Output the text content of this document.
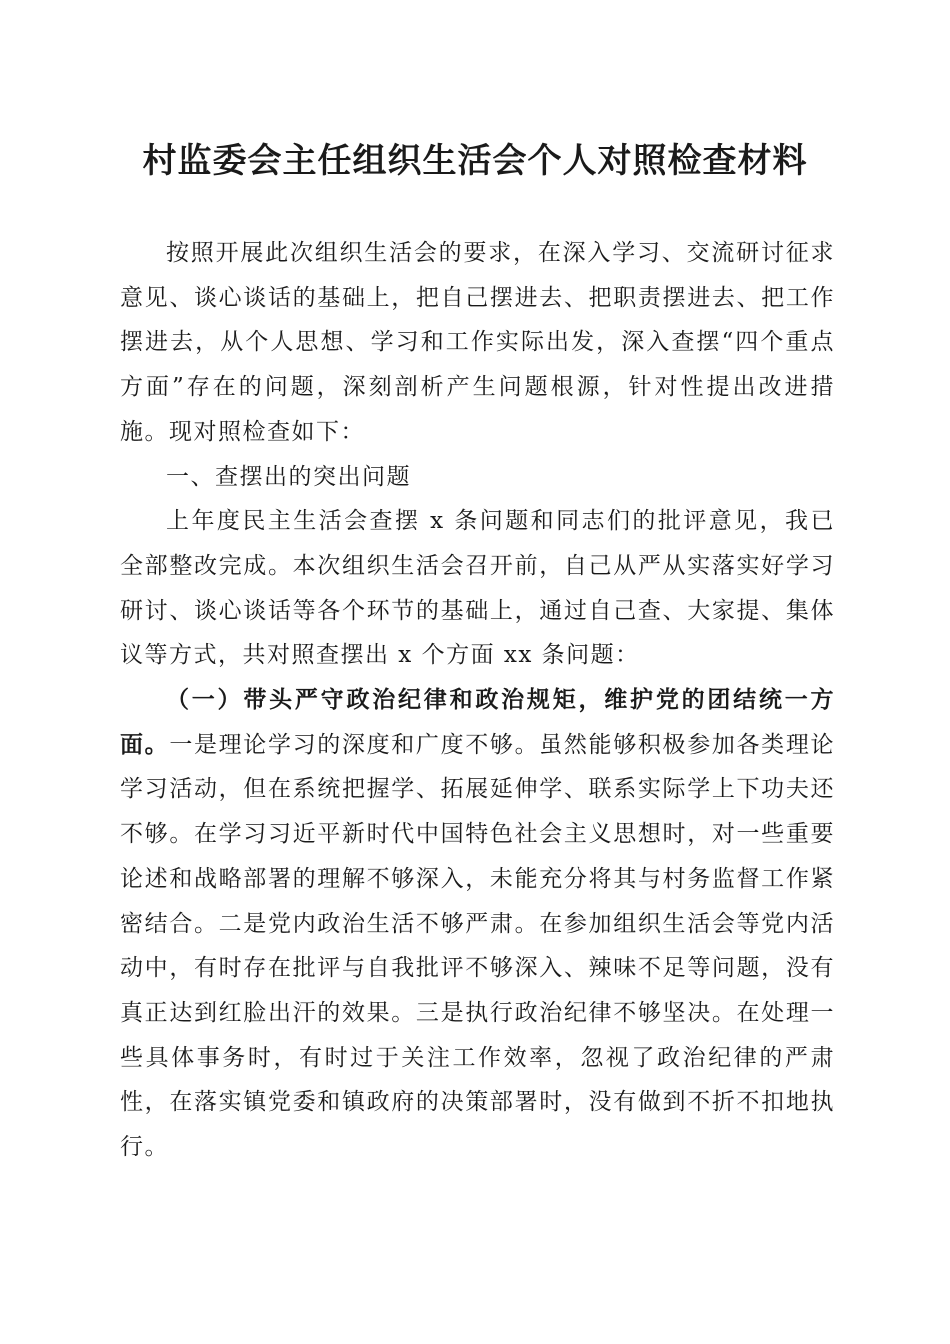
村监委会主任组织生活会个人对照检查材料

按照开展此次组织生活会的要求，在深入学习、交流研讨征求意见、谈心谈话的基础上，把自己摆进去、把职责摆进去、把工作摆进去，从个人思想、学习和工作实际出发，深入查摆“四个重点方面”存在的问题，深刻剖析产生问题根源，针对性提出改进措施。现对照检查如下：

一、查摆出的突出问题

上年度民主生活会查摆 x 条问题和同志们的批评意见，我已全部整改完成。本次组织生活会召开前，自己从严从实落实好学习研讨、谈心谈话等各个环节的基础上，通过自己查、大家提、集体议等方式，共对照查摆出 x 个方面 xx 条问题：

（一）带头严守政治纪律和政治规矩，维护党的团结统一方面。一是理论学习的深度和广度不够。虽然能够积极参加各类理论学习活动，但在系统把握学、拓展延伸学、联系实际学上下功夫还不够。在学习习近平新时代中国特色社会主义思想时，对一些重要论述和战略部署的理解不够深入，未能充分将其与村务监督工作紧密结合。二是党内政治生活不够严肃。在参加组织生活会等党内活动中，有时存在批评与自我批评不够深入、辣味不足等问题，没有真正达到红脸出汗的效果。三是执行政治纪律不够坚决。在处理一些具体事务时，有时过于关注工作效率，忽视了政治纪律的严肃性，在落实镇党委和镇政府的决策部署时，没有做到不折不扣地执行。
